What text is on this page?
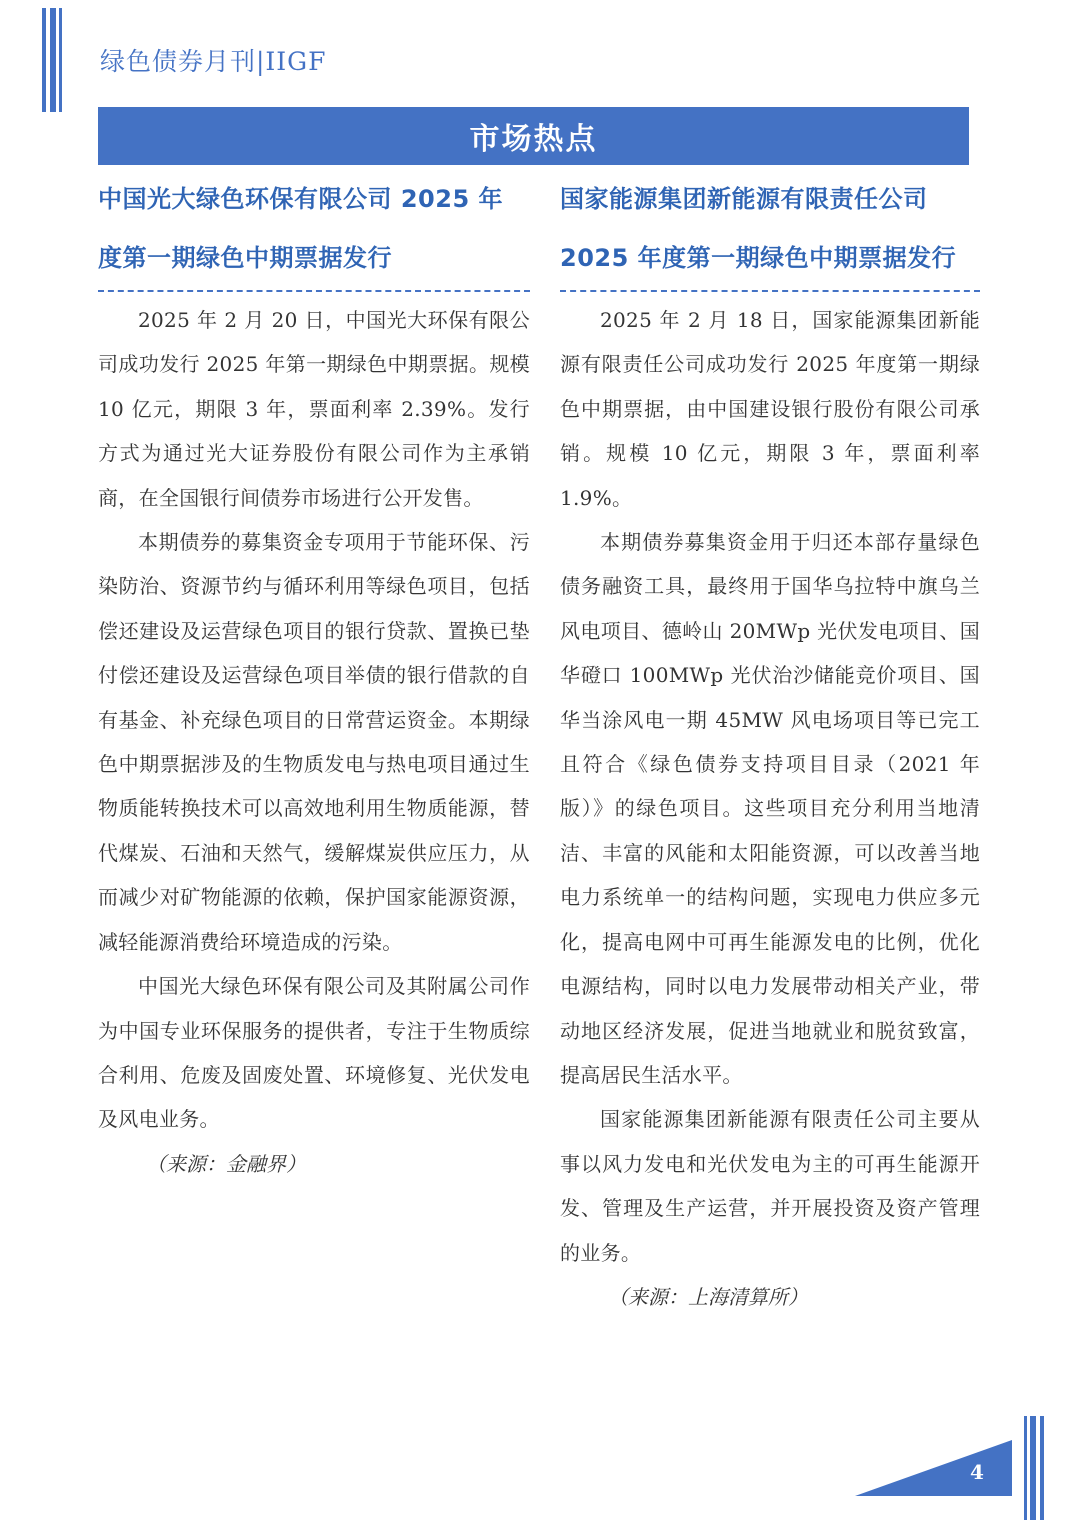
绿色债券月刊|IIGF
市场热点
中国光大绿色环保有限公司 2025 年
度第一期绿色中期票据发行

2025 年 2 月 20 日，中国光大环保有限公司成功发行 2025 年第一期绿色中期票据。规模 10 亿元，期限 3 年，票面利率 2.39%。发行方式为通过光大证券股份有限公司作为主承销商，在全国银行间债券市场进行公开发售。

本期债券的募集资金专项用于节能环保、污染防治、资源节约与循环利用等绿色项目，包括偿还建设及运营绿色项目的银行贷款、置换已垫付偿还建设及运营绿色项目举债的银行借款的自有基金、补充绿色项目的日常营运资金。本期绿色中期票据涉及的生物质发电与热电项目通过生物质能转换技术可以高效地利用生物质能源，替代煤炭、石油和天然气，缓解煤炭供应压力，从而减少对矿物能源的依赖，保护国家能源资源，减轻能源消费给环境造成的污染。

中国光大绿色环保有限公司及其附属公司作为中国专业环保服务的提供者，专注于生物质综合利用、危废及固废处置、环境修复、光伏发电及风电业务。

（来源：金融界）

国家能源集团新能源有限责任公司
2025 年度第一期绿色中期票据发行

2025 年 2 月 18 日，国家能源集团新能源有限责任公司成功发行 2025 年度第一期绿色中期票据，由中国建设银行股份有限公司承销。规模 10 亿元，期限 3 年，票面利率 1.9%。

本期债券募集资金用于归还本部存量绿色债务融资工具，最终用于国华乌拉特中旗乌兰风电项目、德岭山 20MWp 光伏发电项目、国华磴口 100MWp 光伏治沙储能竞价项目、国华当涂风电一期 45MW 风电场项目等已完工且符合《绿色债券支持项目目录（2021 年版）》的绿色项目。这些项目充分利用当地清洁、丰富的风能和太阳能资源，可以改善当地电力系统单一的结构问题，实现电力供应多元化，提高电网中可再生能源发电的比例，优化电源结构，同时以电力发展带动相关产业，带动地区经济发展，促进当地就业和脱贫致富，提高居民生活水平。

国家能源集团新能源有限责任公司主要从事以风力发电和光伏发电为主的可再生能源开发、管理及生产运营，并开展投资及资产管理的业务。

（来源：上海清算所）

4
